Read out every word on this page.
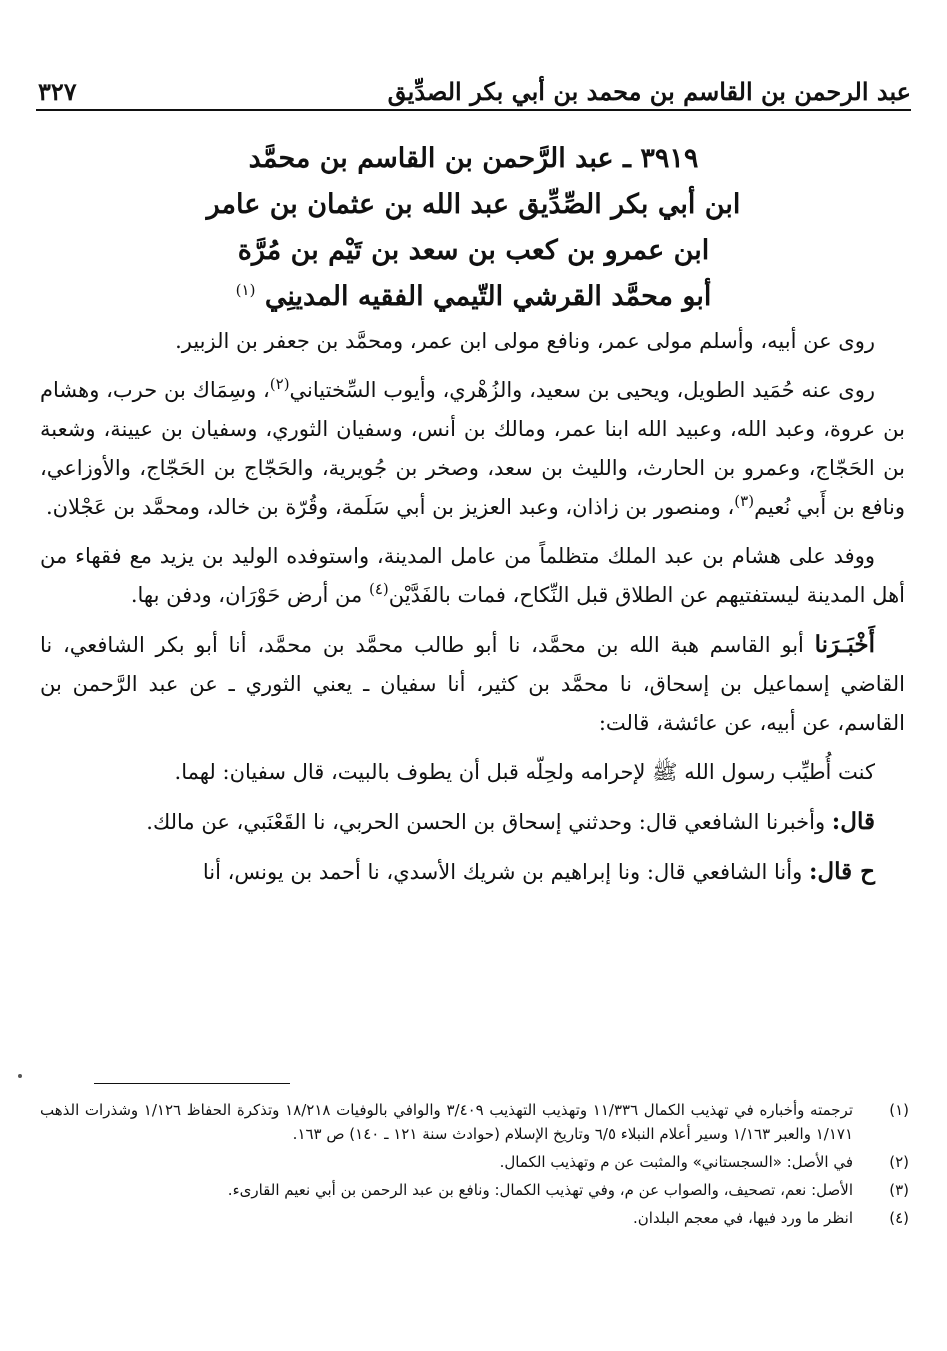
عبد الرحمن بن القاسم بن محمد بن أبي بكر الصدِّيق
٣٢٧
٣٩١٩ ـ عبد الرَّحمن بن القاسم بن محمَّد
ابن أبي بكر الصِّدِّيق عبد الله بن عثمان بن عامر
ابن عمرو بن كعب بن سعد بن تَيْم بن مُرَّة
أبو محمَّد القرشي التّيمي الفقيه المدينِي $^{(١)}$

روى عن أبيه، وأسلم مولى عمر، ونافع مولى ابن عمر، ومحمَّد بن جعفر بن الزبير.

روى عنه حُمَيد الطويل، ويحيى بن سعيد، والزُهْري، وأيوب السِّختياني$^{(٢)}$، وسِمَاك بن حرب، وهشام بن عروة، وعبد الله، وعبيد الله ابنا عمر، ومالك بن أنس، وسفيان الثوري، وسفيان بن عيينة، وشعبة بن الحَجّاج، وعمرو بن الحارث، والليث بن سعد، وصخر بن جُويرية، والحَجّاج بن الحَجّاج، والأوزاعي، ونافع بن أَبي نُعيم$^{(٣)}$، ومنصور بن زاذان، وعبد العزيز بن أبي سَلَمة، وقُرّة بن خالد، ومحمَّد بن عَجْلان.

ووفد على هشام بن عبد الملك متظلماً من عامل المدينة، واستوفده الوليد بن يزيد مع فقهاء من أهل المدينة ليستفتيهم عن الطلاق قبل النِّكاح، فمات بالفَدَّيْن$^{(٤)}$ من أرض حَوْرَان، ودفن بها.

أَخْبَـرَنا أبو القاسم هبة الله بن محمَّد، نا أبو طالب محمَّد بن محمَّد، أنا أبو بكر الشافعي، نا القاضي إسماعيل بن إسحاق، نا محمَّد بن كثير، أنا سفيان ـ يعني الثوري ـ عن عبد الرَّحمن بن القاسم، عن أبيه، عن عائشة، قالت:

كنت أُطيِّب رسول الله ﷺ لإحرامه ولحِلّه قبل أن يطوف بالبيت، قال سفيان: لهما.

قال: وأخبرنا الشافعي قال: وحدثني إسحاق بن الحسن الحربي، نا القَعْنَبي، عن مالك.

ح قال: وأنا الشافعي قال: ونا إبراهيم بن شريك الأسدي، نا أحمد بن يونس، أنا

(١)
ترجمته وأخباره في تهذيب الكمال ١١/٣٣٦ وتهذيب التهذيب ٣/٤٠٩ والوافي بالوفيات ١٨/٢١٨ وتذكرة الحفاظ ١/١٢٦ وشذرات الذهب ١/١٧١ والعبر ١/١٦٣ وسير أعلام النبلاء ٦/٥ وتاريخ الإسلام (حوادث سنة ١٢١ ـ ١٤٠) ص ١٦٣.
(٢)
في الأصل: «السجستاني» والمثبت عن م وتهذيب الكمال.
(٣)
الأصل: نعم، تصحيف، والصواب عن م، وفي تهذيب الكمال: ونافع بن عبد الرحمن بن أبي نعيم القارىء.
(٤)
انظر ما ورد فيها، في معجم البلدان.
